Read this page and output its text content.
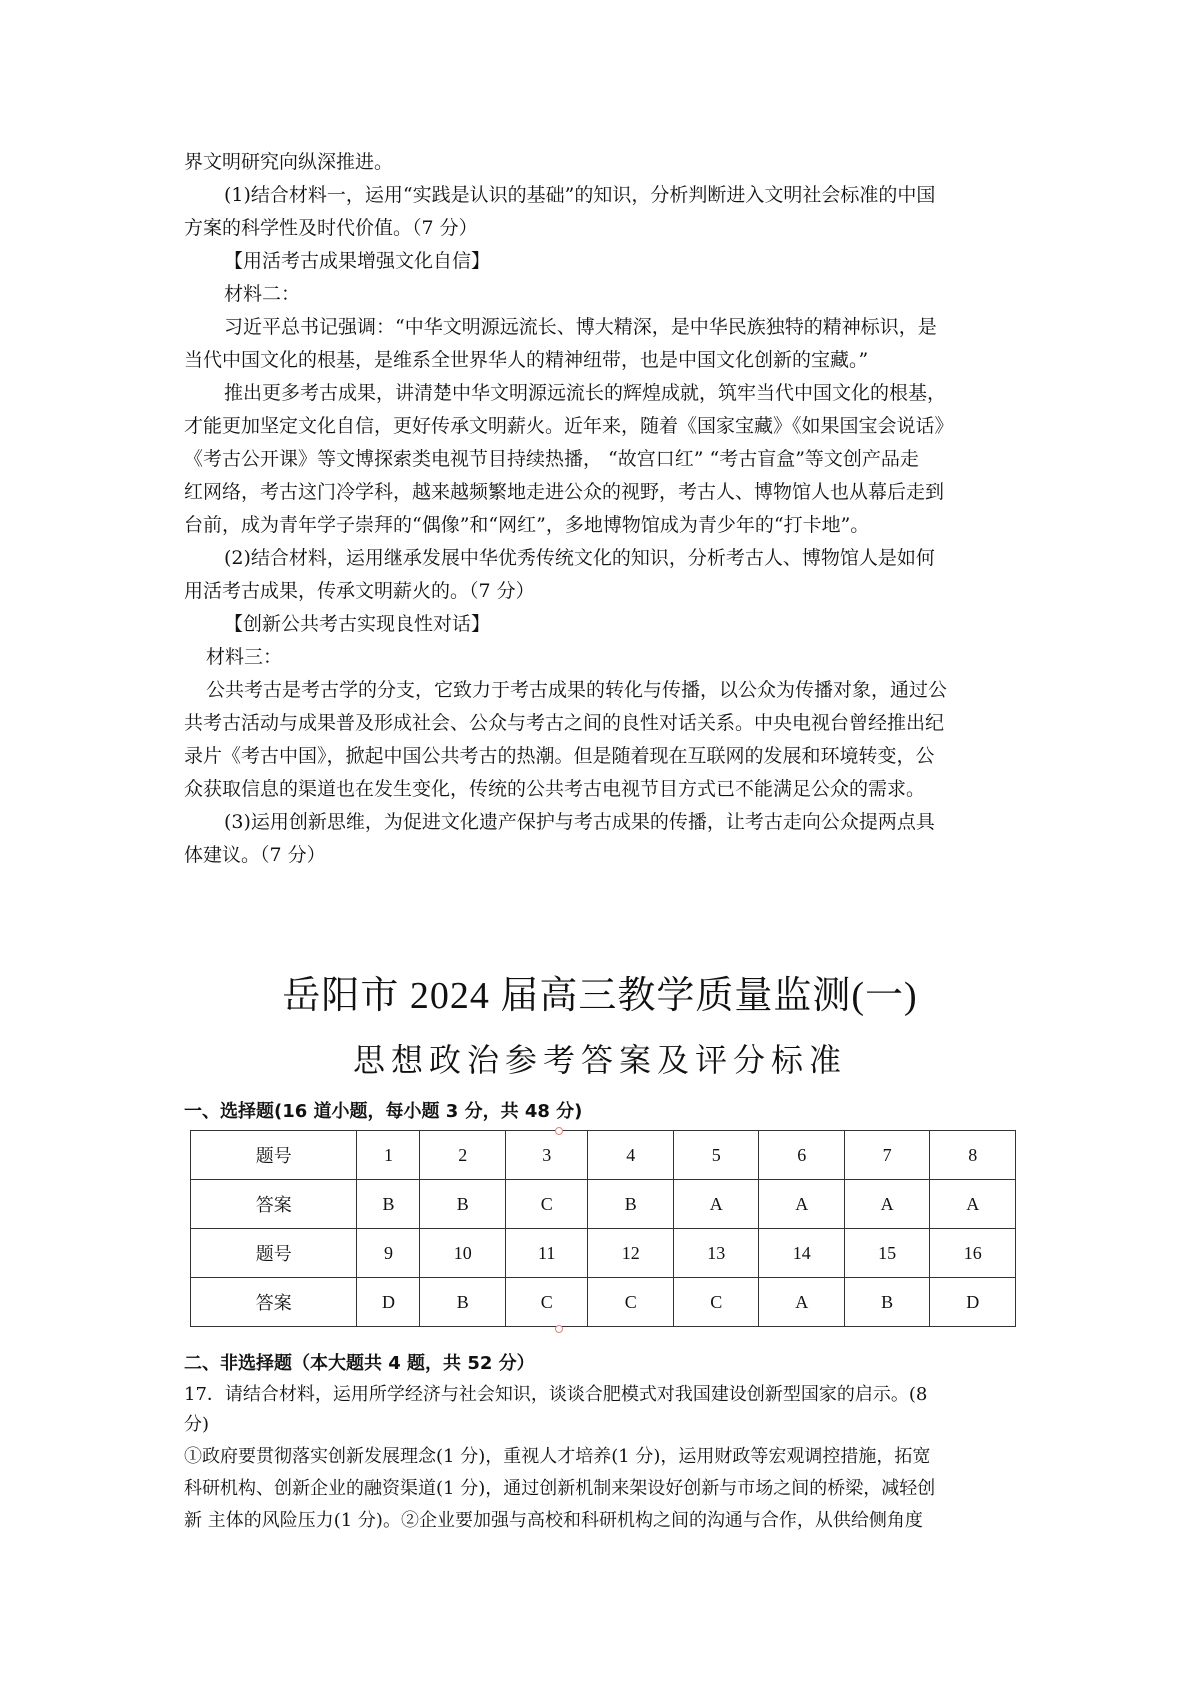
界文明研究向纵深推进。

(1)结合材料一，运用“实践是认识的基础”的知识，分析判断进入文明社会标准的中国

方案的科学性及时代价值。（7 分）

【用活考古成果增强文化自信】

材料二：

习近平总书记强调：“中华文明源远流长、博大精深，是中华民族独特的精神标识，是

当代中国文化的根基，是维系全世界华人的精神纽带，也是中国文化创新的宝藏。”

推出更多考古成果，讲清楚中华文明源远流长的辉煌成就，筑牢当代中国文化的根基，

才能更加坚定文化自信，更好传承文明薪火。近年来，随着《国家宝藏》《如果国宝会说话》

《考古公开课》等文博探索类电视节目持续热播， “故宫口红” “考古盲盒”等文创产品走

红网络，考古这门冷学科，越来越频繁地走进公众的视野，考古人、博物馆人也从幕后走到

台前，成为青年学子崇拜的“偶像”和“网红”，多地博物馆成为青少年的“打卡地”。

(2)结合材料，运用继承发展中华优秀传统文化的知识，分析考古人、博物馆人是如何

用活考古成果，传承文明薪火的。（7 分）

【创新公共考古实现良性对话】

材料三：

公共考古是考古学的分支，它致力于考古成果的转化与传播，以公众为传播对象，通过公

共考古活动与成果普及形成社会、公众与考古之间的良性对话关系。中央电视台曾经推出纪

录片《考古中国》，掀起中国公共考古的热潮。但是随着现在互联网的发展和环境转变，公

众获取信息的渠道也在发生变化，传统的公共考古电视节目方式已不能满足公众的需求。

(3)运用创新思维，为促进文化遗产保护与考古成果的传播，让考古走向公众提两点具

体建议。（7 分）

岳阳市 2024 届高三教学质量监测(一)
思想政治参考答案及评分标准
一、选择题(16 道小题，每小题 3 分，共 48 分)
题号	1	2	3	4	5	6	7	8
答案	B	B	C	B	A	A	A	A
题号	9	10	11	12	13	14	15	16
答案	D	B	C	C	C	A	B	D
二、非选择题（本大题共 4 题，共 52 分）

17．请结合材料，运用所学经济与社会知识，谈谈合肥模式对我国建设创新型国家的启示。(8

分)

①政府要贯彻落实创新发展理念(1 分)，重视人才培养(1 分)，运用财政等宏观调控措施，拓宽

科研机构、创新企业的融资渠道(1 分)，通过创新机制来架设好创新与市场之间的桥梁，减轻创

新 主体的风险压力(1 分)。②企业要加强与高校和科研机构之间的沟通与合作，从供给侧角度
